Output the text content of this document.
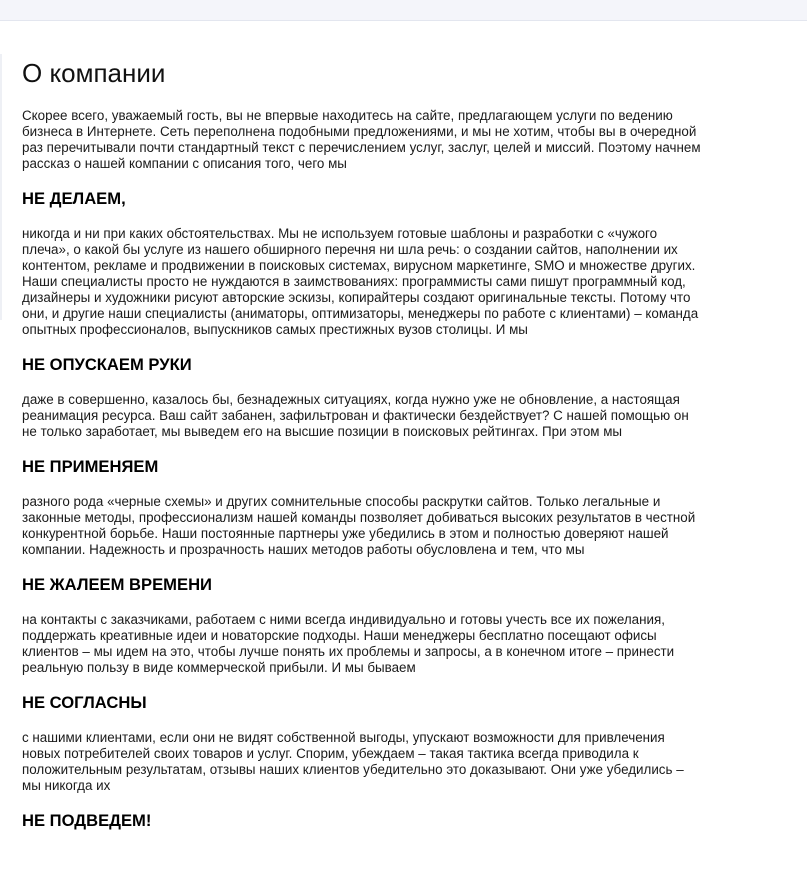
О компании

Скорее всего, уважаемый гость, вы не впервые находитесь на сайте, предлагающем услуги по ведению бизнеса в Интернете. Сеть переполнена подобными предложениями, и мы не хотим, чтобы вы в очередной раз перечитывали почти стандартный текст с перечислением услуг, заслуг, целей и миссий. Поэтому начнем рассказ о нашей компании с описания того, чего мы

НЕ ДЕЛАЕМ,

никогда и ни при каких обстоятельствах. Мы не используем готовые шаблоны и разработки с «чужого плеча», о какой бы услуге из нашего обширного перечня ни шла речь: о создании сайтов, наполнении их контентом, рекламе и продвижении в поисковых системах, вирусном маркетинге, SMO и множестве других. Наши специалисты просто не нуждаются в заимствованиях: программисты сами пишут программный код, дизайнеры и художники рисуют авторские эскизы, копирайтеры создают оригинальные тексты. Потому что они, и другие наши специалисты (аниматоры, оптимизаторы, менеджеры по работе с клиентами) – команда опытных профессионалов, выпускников самых престижных вузов столицы. И мы

НЕ ОПУСКАЕМ РУКИ

даже в совершенно, казалось бы, безнадежных ситуациях, когда нужно уже не обновление, а настоящая реанимация ресурса. Ваш сайт забанен, зафильтрован и фактически бездействует? С нашей помощью он не только заработает, мы выведем его на высшие позиции в поисковых рейтингах. При этом мы

НЕ ПРИМЕНЯЕМ

разного рода «черные схемы» и других сомнительные способы раскрутки сайтов. Только легальные и законные методы, профессионализм нашей команды позволяет добиваться высоких результатов в честной конкурентной борьбе. Наши постоянные партнеры уже убедились в этом и полностью доверяют нашей компании. Надежность и прозрачность наших методов работы обусловлена и тем, что мы

НЕ ЖАЛЕЕМ ВРЕМЕНИ

на контакты с заказчиками, работаем с ними всегда индивидуально и готовы учесть все их пожелания, поддержать креативные идеи и новаторские подходы. Наши менеджеры бесплатно посещают офисы клиентов – мы идем на это, чтобы лучше понять их проблемы и запросы, а в конечном итоге – принести реальную пользу в виде коммерческой прибыли. И мы бываем

НЕ СОГЛАСНЫ

с нашими клиентами, если они не видят собственной выгоды, упускают возможности для привлечения новых потребителей своих товаров и услуг. Спорим, убеждаем – такая тактика всегда приводила к положительным результатам, отзывы наших клиентов убедительно это доказывают. Они уже убедились – мы никогда их

НЕ ПОДВЕДЕМ!
